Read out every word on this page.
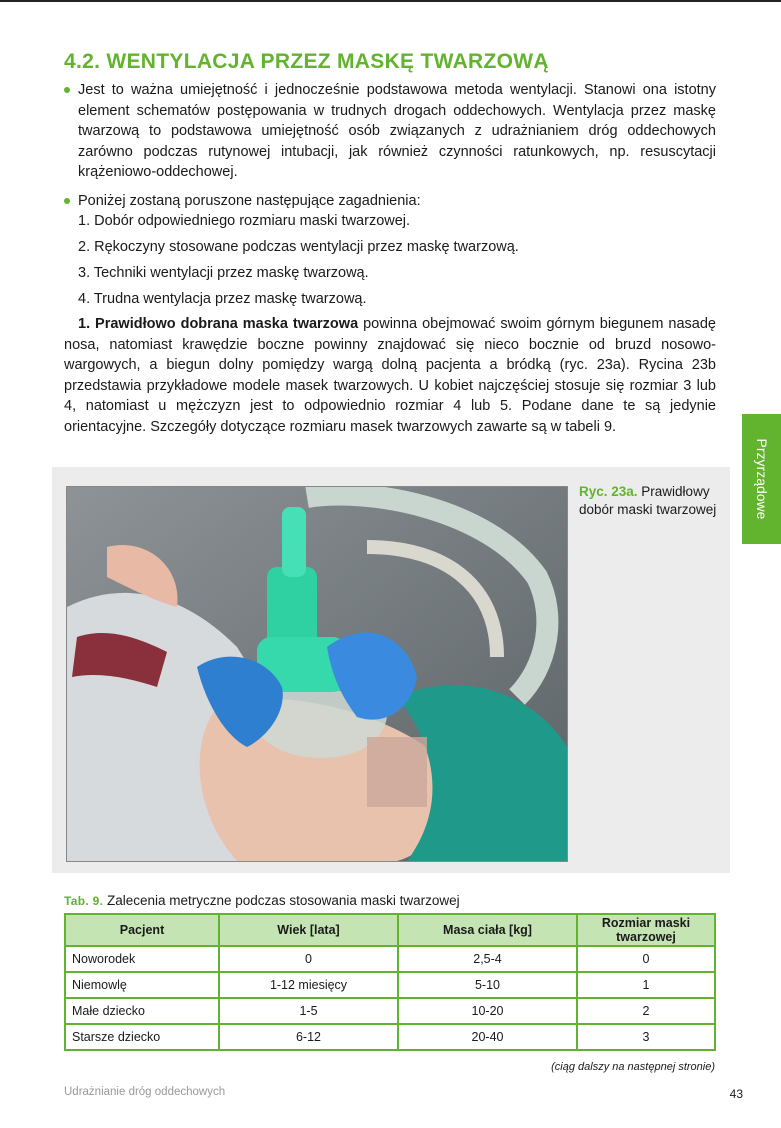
4.2. WENTYLACJA PRZEZ MASKĘ TWARZOWĄ
Jest to ważna umiejętność i jednocześnie podstawowa metoda wentylacji. Stanowi ona istotny element schematów postępowania w trudnych drogach oddechowych. Wentylacja przez maskę twarzową to podstawowa umiejętność osób związanych z udrażnianiem dróg oddechowych zarówno podczas rutynowej intubacji, jak również czynności ratunkowych, np. resuscytacji krążeniowo-oddechowej.
Poniżej zostaną poruszone następujące zagadnienia:
1. Dobór odpowiedniego rozmiaru maski twarzowej.
2. Rękoczyny stosowane podczas wentylacji przez maskę twarzową.
3. Techniki wentylacji przez maskę twarzową.
4. Trudna wentylacja przez maskę twarzową.
1. Prawidłowo dobrana maska twarzowa powinna obejmować swoim górnym biegunem nasadę nosa, natomiast krawędzie boczne powinny znajdować się nieco bocznie od bruzd nosowo-wargowych, a biegun dolny pomiędzy wargą dolną pacjenta a bródką (ryc. 23a). Rycina 23b przedstawia przykładowe modele masek twarzowych. U kobiet najczęściej stosuje się rozmiar 3 lub 4, natomiast u mężczyzn jest to odpowiednio rozmiar 4 lub 5. Podane dane te są jedynie orientacyjne. Szczegóły dotyczące rozmiaru masek twarzowych zawarte są w tabeli 9.
Przyrządowe
Ryc. 23a. Prawidłowy dobór maski twarzowej
Tab. 9. Zalecenia metryczne podczas stosowania maski twarzowej
Pacjent	Wiek [lata]	Masa ciała [kg]	Rozmiar maski twarzowej
Noworodek	0	2,5-4	0
Niemowlę	1-12 miesięcy	5-10	1
Małe dziecko	1-5	10-20	2
Starsze dziecko	6-12	20-40	3
(ciąg dalszy na następnej stronie)
Udrażnianie dróg oddechowych	43
